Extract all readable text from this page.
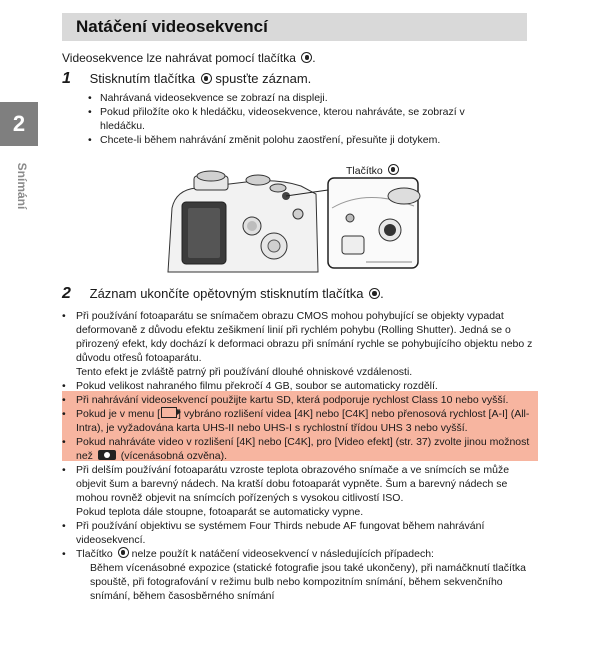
Natáčení videosekvencí
2
Snímání
Videosekvence lze nahrávat pomocí tlačítka .
1 Stisknutím tlačítka spusťte záznam.
• Nahrávaná videosekvence se zobrazí na displeji.
• Pokud přiložíte oko k hledáčku, videosekvence, kterou nahráváte, se zobrazí v hledáčku.
• Chcete-li během nahrávání změnit polohu zaostření, přesuňte ji dotykem.
Tlačítko
2 Záznam ukončíte opětovným stisknutím tlačítka .
• Při používání fotoaparátu se snímačem obrazu CMOS mohou pohybující se objekty vypadat deformovaně z důvodu efektu zešikmení linií při rychlém pohybu (Rolling Shutter). Jedná se o přirozený efekt, kdy dochází k deformaci obrazu při snímání rychle se pohybujícího objektu nebo z důvodu otřesů fotoaparátu.
Tento efekt je zvláště patrný při používání dlouhé ohniskové vzdálenosti.
• Pokud velikost nahraného filmu překročí 4 GB, soubor se automaticky rozdělí.
• Při nahrávání videosekvencí použijte kartu SD, která podporuje rychlost Class 10 nebo vyšší.
• Pokud je v menu [ ] vybráno rozlišení videa [4K] nebo [C4K] nebo přenosová rychlost [A-I] (All-Intra), je vyžadována karta UHS-II nebo UHS-I s rychlostní třídou UHS 3 nebo vyšší.
• Pokud nahráváte video v rozlišení [4K] nebo [C4K], pro [Video efekt] (str. 37) zvolte jinou možnost než	(vícenásobná ozvěna).
• Při delším používání fotoaparátu vzroste teplota obrazového snímače a ve snímcích se může objevit šum a barevný nádech. Na kratší dobu fotoaparát vypněte. Šum a barevný nádech se mohou rovněž objevit na snímcích pořízených s vysokou citlivostí ISO.
Pokud teplota dále stoupne, fotoaparát se automaticky vypne.
• Při používání objektivu se systémem Four Thirds nebude AF fungovat během nahrávání videosekvencí.
• Tlačítko nelze použít k natáčení videosekvencí v následujících případech:
Během vícenásobné expozice (statické fotografie jsou také ukončeny), při namáčknutí tlačítka spouště, při fotografování v režimu bulb nebo kompozitním snímání, během sekvenčního snímání, během časosběrného snímání
